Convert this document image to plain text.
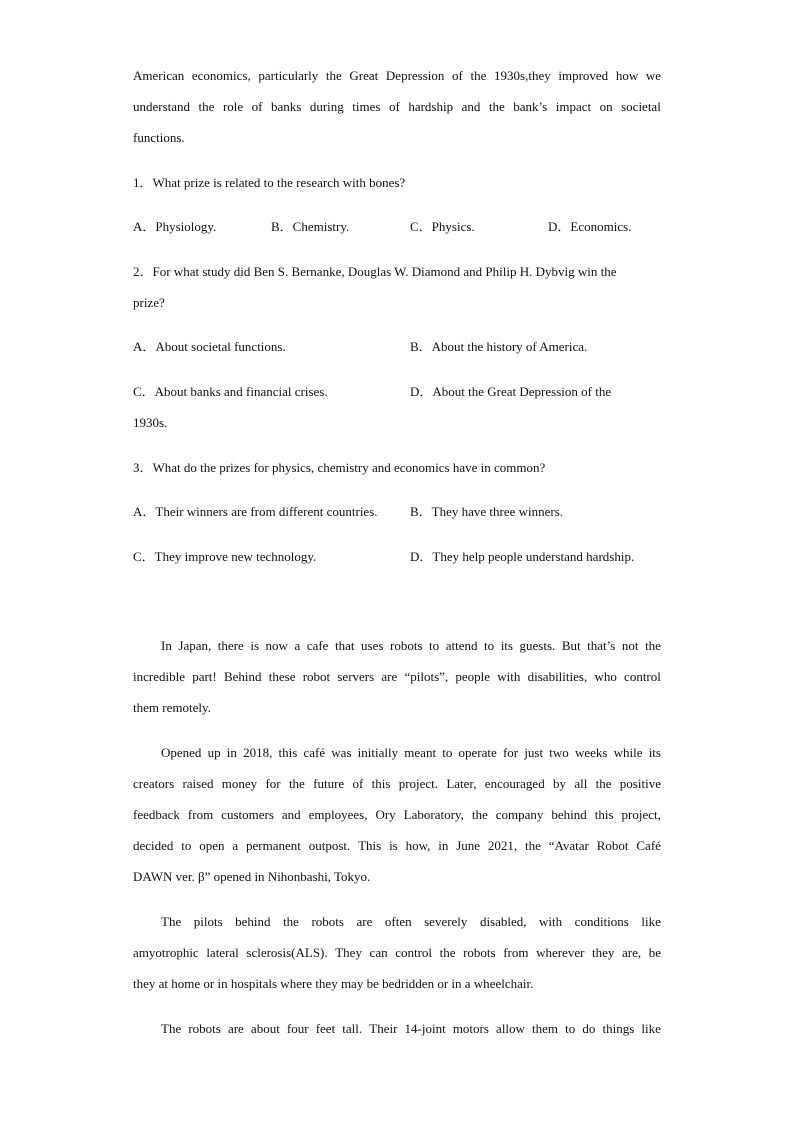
American economics, particularly the Great Depression of the 1930s,they improved how we
understand the role of banks during times of hardship and the bank’s impact on societal
functions.
1．What prize is related to the research with bones?
A．Physiology.	B．Chemistry.	C．Physics.	D．Economics.
2．For what study did Ben S. Bernanke, Douglas W. Diamond and Philip H. Dybvig win the
prize?
A．About societal functions.	B．About the history of America.
C．About banks and financial crises.	D．About the Great Depression of the
1930s.
3．What do the prizes for physics, chemistry and economics have in common?
A．Their winners are from different countries. B．They have three winners.
C．They improve new technology.	D．They help people understand hardship.
In Japan, there is now a cafe that uses robots to attend to its guests. But that’s not the
incredible part! Behind these robot servers are “pilots”, people with disabilities, who control
them remotely.
Opened up in 2018, this café was initially meant to operate for just two weeks while its
creators raised money for the future of this project. Later, encouraged by all the positive
feedback from customers and employees, Ory Laboratory, the company behind this project,
decided to open a permanent outpost. This is how, in June 2021, the “Avatar Robot Café
DAWN ver. β” opened in Nihonbashi, Tokyo.
The pilots behind the robots are often severely disabled, with conditions like
amyotrophic lateral sclerosis(ALS). They can control the robots from wherever they are, be
they at home or in hospitals where they may be bedridden or in a wheelchair.
The robots are about four feet tall. Their 14-joint motors allow them to do things like
